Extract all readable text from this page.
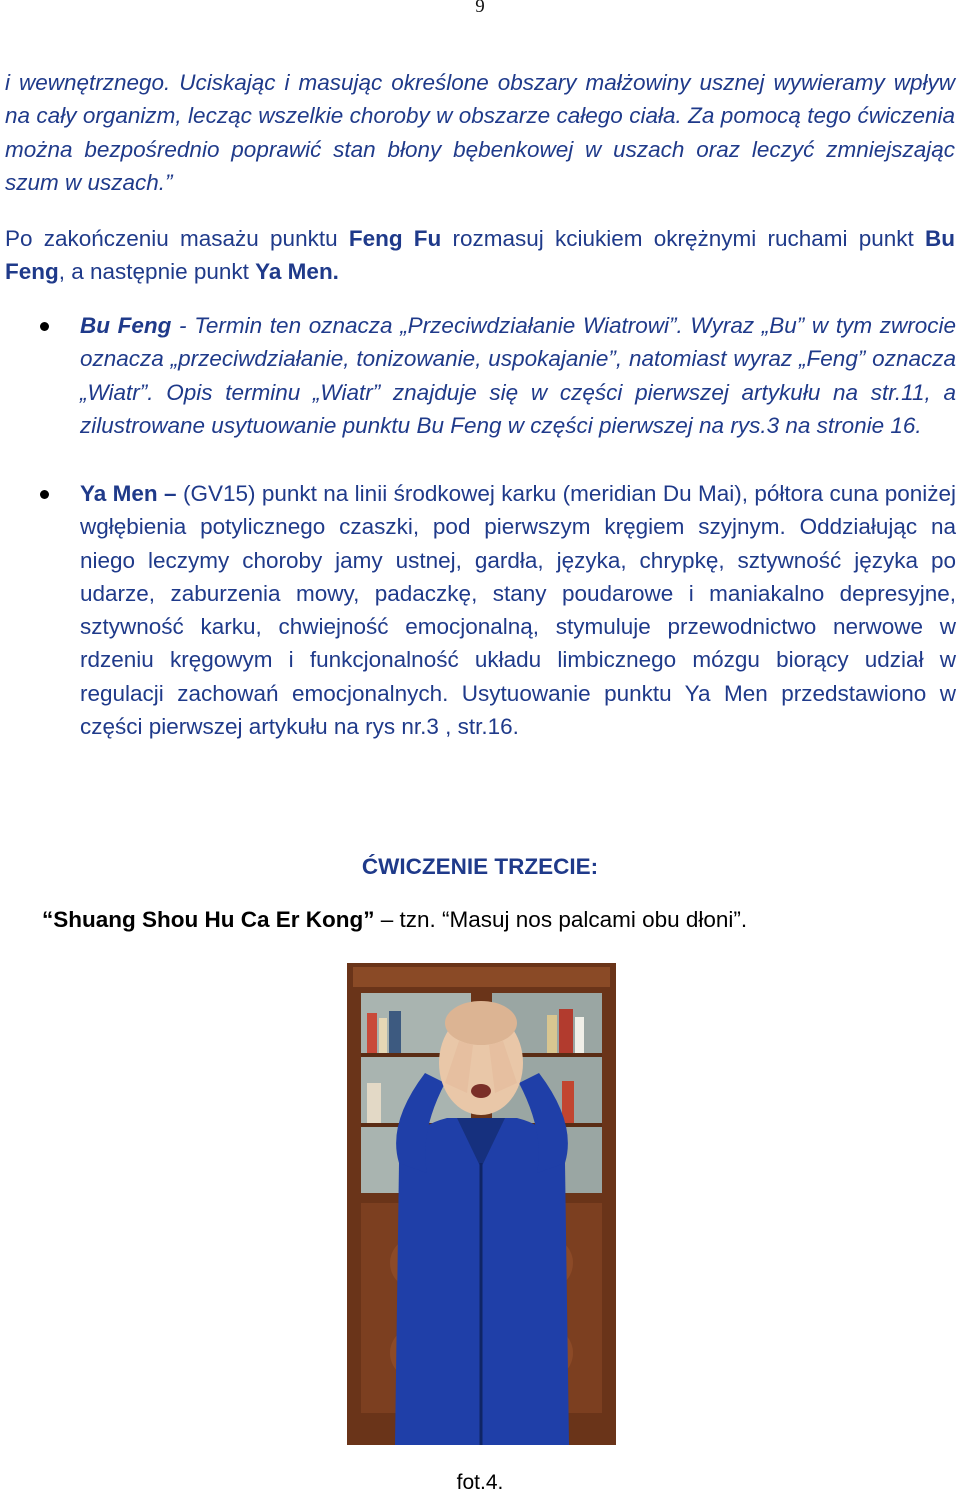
9
i wewnętrznego. Uciskając i masując określone obszary małżowiny usznej wywieramy wpływ na cały organizm, lecząc wszelkie choroby w obszarze całego ciała. Za pomocą tego ćwiczenia można bezpośrednio poprawić stan błony bębenkowej w uszach oraz leczyć zmniejszając szum w uszach.”
Po zakończeniu masażu punktu Feng Fu rozmasuj kciukiem okrężnymi ruchami punkt Bu Feng, a następnie punkt Ya Men.
Bu Feng - Termin ten oznacza „Przeciwdziałanie Wiatrowi”. Wyraz „Bu” w tym zwrocie oznacza „przeciwdziałanie, tonizowanie, uspokajanie”, natomiast wyraz „Feng” oznacza „Wiatr”. Opis terminu „Wiatr” znajduje się w części pierwszej artykułu na str.11, a zilustrowane usytuowanie punktu Bu Feng w części pierwszej na rys.3 na stronie 16.
Ya Men – (GV15) punkt na linii środkowej karku (meridian Du Mai), półtora cuna poniżej wgłębienia potylicznego czaszki, pod pierwszym kręgiem szyjnym. Oddziałując na niego leczymy choroby jamy ustnej, gardła, języka, chrypkę, sztywność języka po udarze, zaburzenia mowy, padaczkę, stany poudarowe i maniakalno depresyjne, sztywność karku, chwiejność emocjonalną, stymuluje przewodnictwo nerwowe w rdzeniu kręgowym i funkcjonalność układu limbicznego mózgu biorący udział w regulacji zachowań emocjonalnych. Usytuowanie punktu Ya Men przedstawiono w części pierwszej artykułu na rys nr.3 , str.16.
ĆWICZENIE TRZECIE:
“Shuang Shou Hu Ca Er Kong” – tzn. “Masuj nos palcami obu dłoni”.
fot.4.
